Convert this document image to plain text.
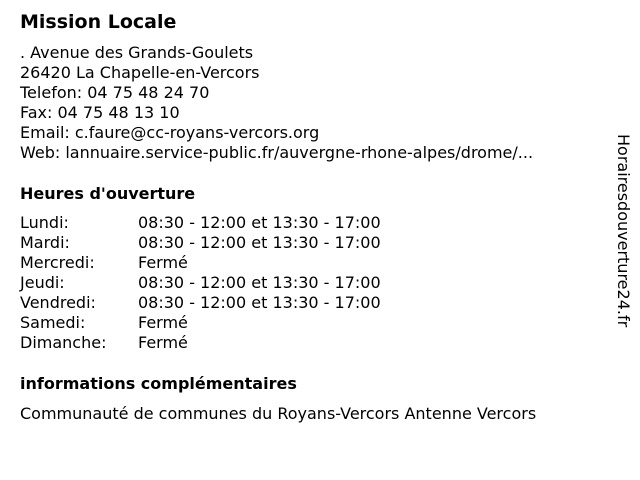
Mission Locale
. Avenue des Grands-Goulets
26420 La Chapelle-en-Vercors
Telefon: 04 75 48 24 70
Fax: 04 75 48 13 10
Email: c.faure@cc-royans-vercors.org
Web: lannuaire.service-public.fr/auvergne-rhone-alpes/drome/...
Heures d'ouverture
Lundi:	08:30 - 12:00 et 13:30 - 17:00
Mardi:	08:30 - 12:00 et 13:30 - 17:00
Mercredi:	Fermé
Jeudi:	08:30 - 12:00 et 13:30 - 17:00
Vendredi:	08:30 - 12:00 et 13:30 - 17:00
Samedi:	Fermé
Dimanche: Fermé
informations complémentaires
Communauté de communes du Royans-Vercors Antenne Vercors
Horairesdouverture24.fr
